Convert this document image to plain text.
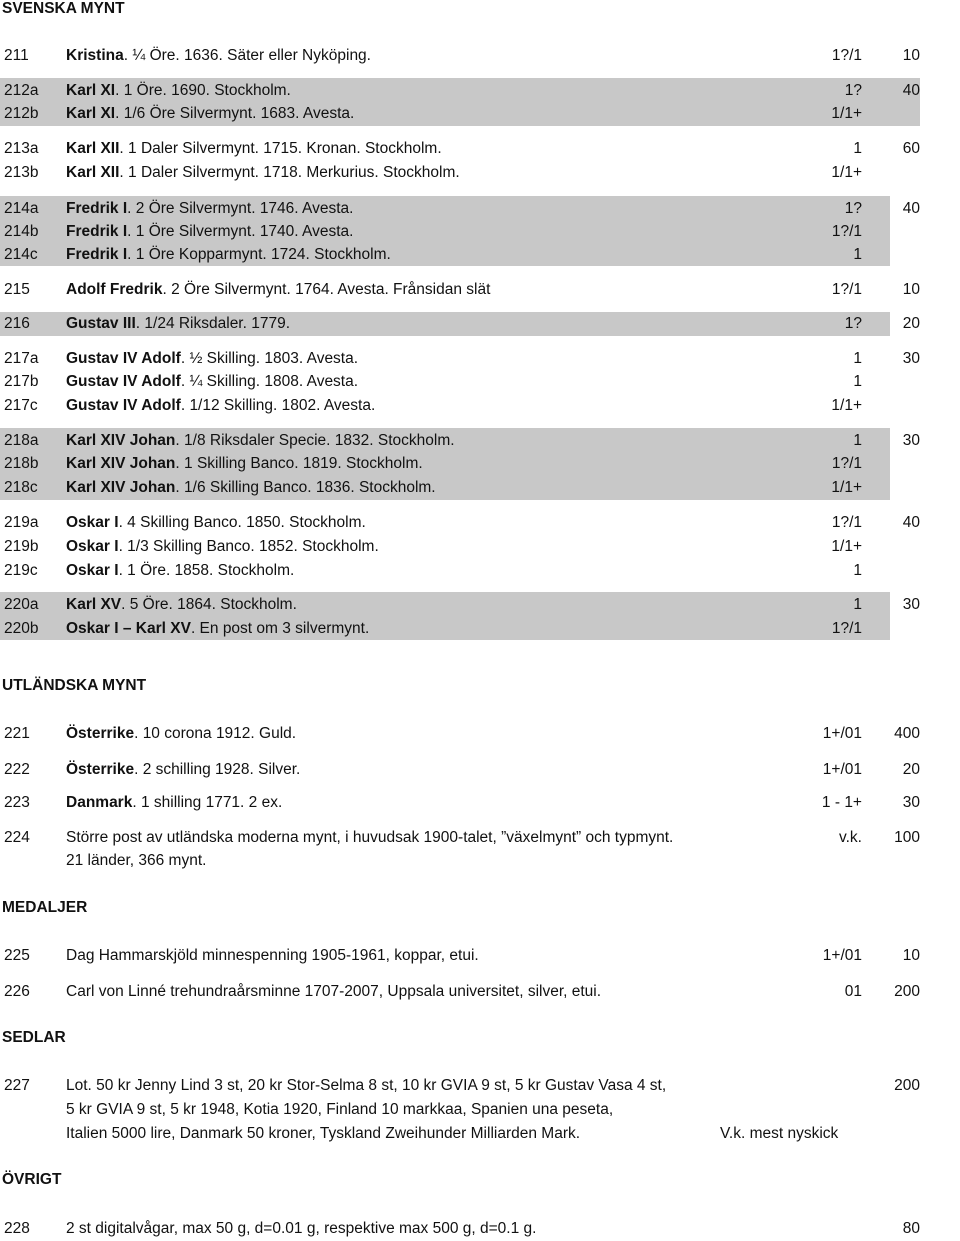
SVENSKA MYNT
UTLÄNDSKA MYNT
MEDALJER
SEDLAR
ÖVRIGT
211 Kristina. ¼ Öre. 1636. Säter eller Nyköping.	1?/1	10
212a Karl XI. 1 Öre. 1690. Stockholm.	1?	40
212b Karl XI. 1/6 Öre Silvermynt. 1683. Avesta.	1/1+
213a Karl XII. 1 Daler Silvermynt. 1715. Kronan. Stockholm.	1	60
213b Karl XII. 1 Daler Silvermynt. 1718. Merkurius. Stockholm.	1/1+
214a Fredrik I. 2 Öre Silvermynt. 1746. Avesta.	1?	40
214b Fredrik I. 1 Öre Silvermynt. 1740. Avesta.	1?/1
214c Fredrik I. 1 Öre Kopparmynt. 1724. Stockholm.	1
215 Adolf Fredrik. 2 Öre Silvermynt. 1764. Avesta. Frånsidan slät	1?/1	10
216 Gustav III. 1/24 Riksdaler. 1779.	1?	20
217a Gustav IV Adolf. ½ Skilling. 1803. Avesta.	1	30
217b Gustav IV Adolf. ¼ Skilling. 1808. Avesta.	1
217c Gustav IV Adolf. 1/12 Skilling. 1802. Avesta.	1/1+
218a Karl XIV Johan. 1/8 Riksdaler Specie. 1832. Stockholm.	1	30
218b Karl XIV Johan. 1 Skilling Banco. 1819. Stockholm.	1?/1
218c Karl XIV Johan. 1/6 Skilling Banco. 1836. Stockholm.	1/1+
219a Oskar I. 4 Skilling Banco. 1850. Stockholm.	1?/1	40
219b Oskar I. 1/3 Skilling Banco. 1852. Stockholm.	1/1+
219c Oskar I. 1 Öre. 1858. Stockholm.	1
220a Karl XV. 5 Öre. 1864. Stockholm.	1	30
220b Oskar I – Karl XV. En post om 3 silvermynt.	1?/1
221 Österrike. 10 corona 1912. Guld.	1+/01	400
222 Österrike. 2 schilling 1928. Silver.	1+/01	20
223 Danmark. 1 shilling 1771. 2 ex.	1 - 1+	30
224 Större post av utländska moderna mynt, i huvudsak 1900-talet, ”växelmynt” och typmynt.	v.k.	100
21 länder, 366 mynt.
225 Dag Hammarskjöld minnespenning 1905-1961, koppar, etui.	1+/01	10
226 Carl von Linné trehundraårsminne 1707-2007, Uppsala universitet, silver, etui.	01	200
227 Lot. 50 kr Jenny Lind 3 st, 20 kr Stor-Selma 8 st, 10 kr GVIA 9 st, 5 kr Gustav Vasa 4 st,	200
5 kr GVIA 9 st, 5 kr 1948, Kotia 1920, Finland 10 markkaa, Spanien una peseta,
Italien 5000 lire, Danmark 50 kroner, Tyskland Zweihunder Milliarden Mark.	V.k. mest nyskick
228 2 st digitalvågar, max 50 g, d=0.01 g, respektive max 500 g, d=0.1 g.	80
